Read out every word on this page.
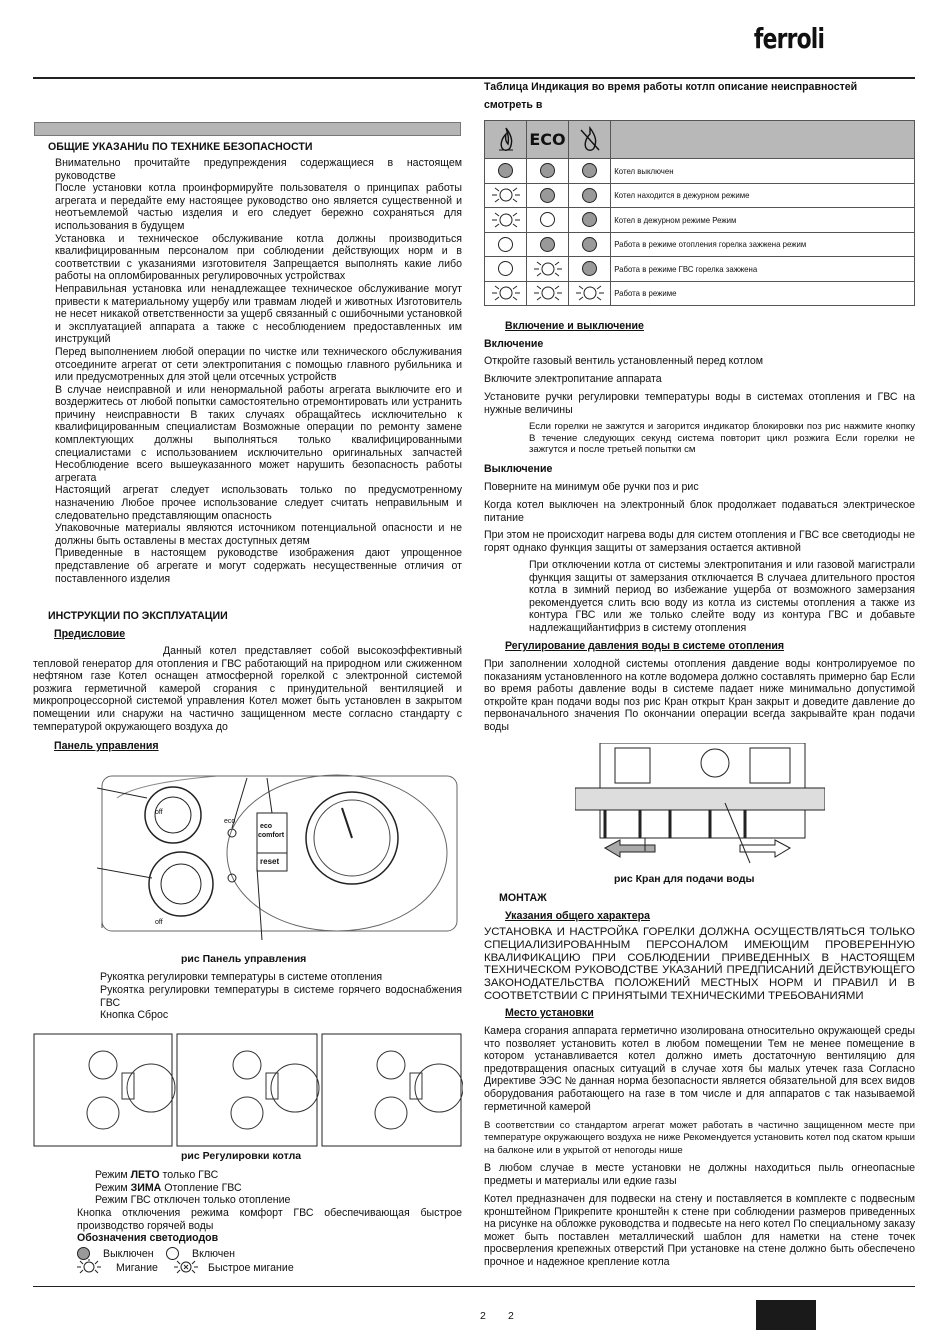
ferroli
ОБЩИЕ УКАЗАНИu ПО ТЕХНИКЕ БЕЗОПАСНОСТИ
Внимательно прочитайте предупреждения содержащиеся в настоящем руководстве
После установки котла проинформируйте пользователя о принципах работы агрегата и передайте ему настоящее руководство оно является существенной и неотъемлемой частью изделия и его следует бережно сохраняться для использования в будущем
Установка и техническое обслуживание котла должны производиться квалифицированным персоналом при соблюдении действующих норм и в соответствии с указаниями изготовителя Запрещается выполнять какие либо работы на опломбированных регулировочных устройствах
Неправильная установка или ненадлежащее техническое обслуживание могут привести к материальному ущербу или травмам людей и животных Изготовитель не несет никакой ответственности за ущерб связанный с ошибочными установкой и эксплуатацией аппарата а также с несоблюдением предоставленных им инструкций
Перед выполнением любой операции по чистке или технического обслуживания отсоедините агрегат от сети электропитания с помощью главного рубильника и или предусмотренных для этой цели отсечных устройств
В случае неисправной и или ненормальной работы агрегата выключите его и воздержитесь от любой попытки самостоятельно отремонтировать или устранить причину неисправности В таких случаях обращайтесь исключительно к квалифицированным специалистам Возможные операции по ремонту замене комплектующих должны выполняться только квалифицированными специалистами с использованием исключительно оригинальных запчастей Несоблюдение всего вышеуказанного может нарушить безопасность работы агрегата
Настоящий агрегат следует использовать только по предусмотренному назначению Любое прочее использование следует считать неправильным и следовательно представляющим опасность
Упаковочные материалы являются источником потенциальной опасности и не должны быть оставлены в местах доступных детям
Приведенные в настоящем руководстве изображения дают упрощенное представление об агрегате и могут содержать несущественные отличия от поставленного изделия
ИНСТРУКЦИИ ПО ЭКСПЛУАТАЦИИ
Предисловие
Данный котел представляет собой высокоэффективный тепловой генератор для отопления и ГВС работающий на природном или сжиженном нефтяном газе Котел оснащен атмосферной горелкой с электронной системой розжига герметичной камерой сгорания с принудительной вентиляцией и микропроцессорной системой управления Котел может быть установлен в закрытом помещении или снаружи на частично защищенном месте согласно стандарту с температурой окружающего воздуха до
Панель управления
eco
eco
comfort
reset
off
off
рис Панель управления
Рукоятка регулировки температуры в системе отопления
Рукоятка регулировки температуры в системе горячего водоснабжения ГВС
Кнопка Сброс
рис Регулировки котла
Режим ЛЕТО только ГВС
Режим ЗИМА Отопление ГВС
Режим ГВС отключен только отопление
Кнопка отключения режима комфорт ГВС обеспечивающая быстрое производство горячей воды
Обозначения светодиодов
Выключен	Включен
Мигание	Быстрое мигание
Таблица Индикация во время работы котлп описание неисправностей
смотреть в
	ECO		
			Котел выключен
			Котел находится в дежурном режиме
			Котел в дежурном режиме Режим
			Работа в режиме отопления горелка зажжена режим
			Работа в режиме ГВС горелка зажжена
			Работа в режиме
Включение и выключение
Включение
Откройте газовый вентиль установленный перед котлом
Включите электропитание аппарата
Установите ручки регулировки температуры воды в системах отопления и ГВС на нужные величины
Если горелки не зажгутся и загорится индикатор блокировки поз рис нажмите кнопку В течение следующих секунд система повторит цикл розжига Если горелки не зажгутся и после третьей попытки см
Выключение
Поверните на минимум обе ручки поз и рис
Когда котел выключен на электронный блок продолжает подаваться электрическое питание
При этом не происходит нагрева воды для систем отопления и ГВС все светодиоды не горят однако функция защиты от замерзания остается активной
При отключении котла от системы электропитания и или газовой магистрали функция защиты от замерзания отключается В случаеа длительного простоя котла в зимний период во избежание ущерба от возможного замерзания рекомендуется слить всю воду из котла из системы отопления а также из контура ГВС или же только слейте воду из контура ГВС и добавьте надлежащийантифриз в систему отопления
Регулирование давления воды в системе отопления
При заполнении холодной системы отопления давдение воды контролируемое по показаниям установленного на котле водомера должно составлять примерно бар Если во время работы давление воды в системе падает ниже минимально допустимой откройте кран подачи воды поз рис Кран открыт Кран закрыт и доведите давление до первоначального значения По окончании операции всегда закрывайте кран подачи воды
рис Кран для подачи воды
МОНТАЖ
Указания общего характера
УСТАНОВКА И НАСТРОЙКА ГОРЕЛКИ ДОЛЖНА ОСУЩЕСТВЛЯТЬСЯ ТОЛЬКО СПЕЦИАЛИЗИРОВАННЫМ ПЕРСОНАЛОМ ИМЕЮЩИМ ПРОВЕРЕННУЮ КВАЛИФИКАЦИЮ ПРИ СОБЛЮДЕНИИ ПРИВЕДЕННЫХ В НАСТОЯЩЕМ ТЕХНИЧЕСКОМ РУКОВОДСТВЕ УКАЗАНИЙ ПРЕДПИСАНИЙ ДЕЙСТВУЮЩЕГО ЗАКОНОДАТЕЛЬСТВА ПОЛОЖЕНИЙ МЕСТНЫХ НОРМ И ПРАВИЛ И В СООТВЕТСТВИИ С ПРИНЯТЫМИ ТЕХНИЧЕСКИМИ ТРЕБОВАНИЯМИ
Место установки
Камера сгорания аппарата герметично изолирована относительно окружающей среды что позволяет установить котел в любом помещении Тем не менее помещение в котором устанавливается котел должно иметь достаточную вентиляцию для предотвращения опасных ситуаций в случае хотя бы малых утечек газа Согласно Директиве ЭЭС № данная норма безопасности является обязательной для всех видов оборудования работающего на газе в том числе и для аппаратов с так называемой герметичной камерой
В соответствии со стандартом агрегат может работать в частично защищенном месте при температуре окружающего воздуха не ниже Рекомендуется установить котел под скатом крыши на балконе или в укрытой от непогоды нише
В любом случае в месте установки не должны находиться пыль огнеопасные предметы и материалы или едкие газы
Котел предназначен для подвески на стену и поставляется в комплекте с подвесным кронштейном Прикрепите кронштейн к стене при соблюдении размеров приведенных на рисунке на обложке руководства и подвесьте на него котел По специальному заказу может быть поставлен металлический шаблон для наметки на стене точек просверления крепежных отверстий При установке на стене должно быть обеспечено прочное и надежное крепление котла
2 2
